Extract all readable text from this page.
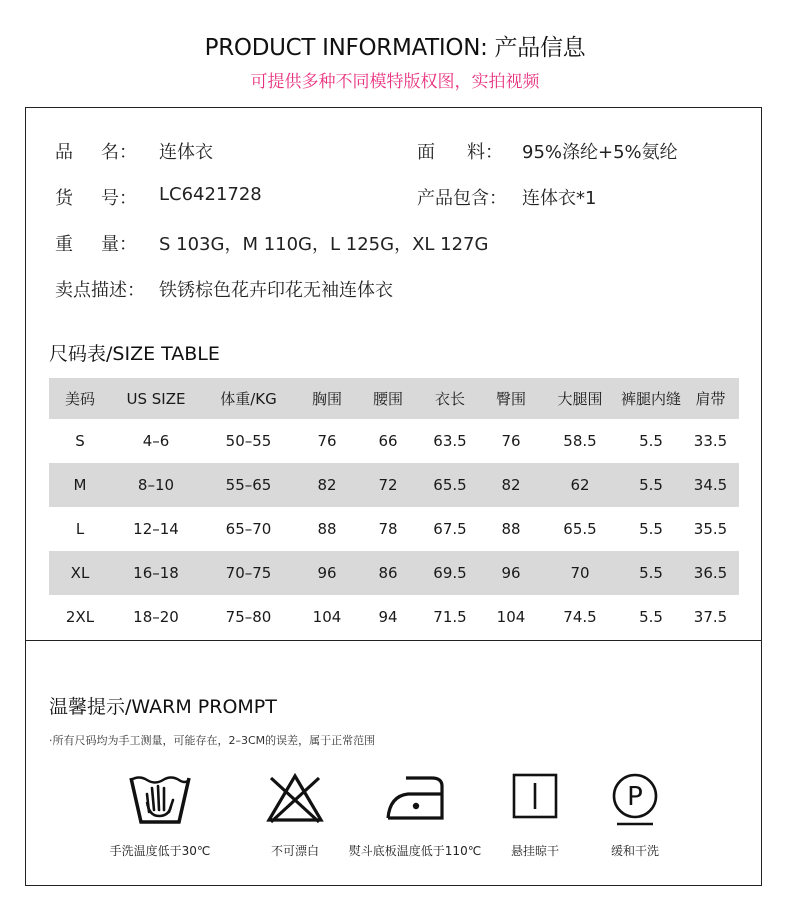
PRODUCT INFORMATION: 产品信息
可提供多种不同模特版权图，实拍视频
品 名： 连体衣	面 料： 95%涤纶+5%氨纶
货 号： LC6421728	产品包含： 连体衣*1
重 量： S 103G，M 110G，L 125G，XL 127G
卖点描述： 铁锈棕色花卉印花无袖连体衣
尺码表/SIZE TABLE
美码	US SIZE	体重/KG	胸围	腰围	衣长	臀围	大腿围	裤腿内缝	肩带
S	4–6	50–55	76	66	63.5	76	58.5	5.5	33.5
M	8–10	55–65	82	72	65.5	82	62	5.5	34.5
L	12–14	65–70	88	78	67.5	88	65.5	5.5	35.5
XL	16–18	70–75	96	86	69.5	96	70	5.5	36.5
2XL	18–20	75–80	104	94	71.5	104	74.5	5.5	37.5
温馨提示/WARM PROMPT
·所有尺码均为手工测量，可能存在，2–3CM的误差，属于正常范围
手洗温度低于30℃	不可漂白	熨斗底板温度低于110℃	悬挂晾干
P
缓和干洗
